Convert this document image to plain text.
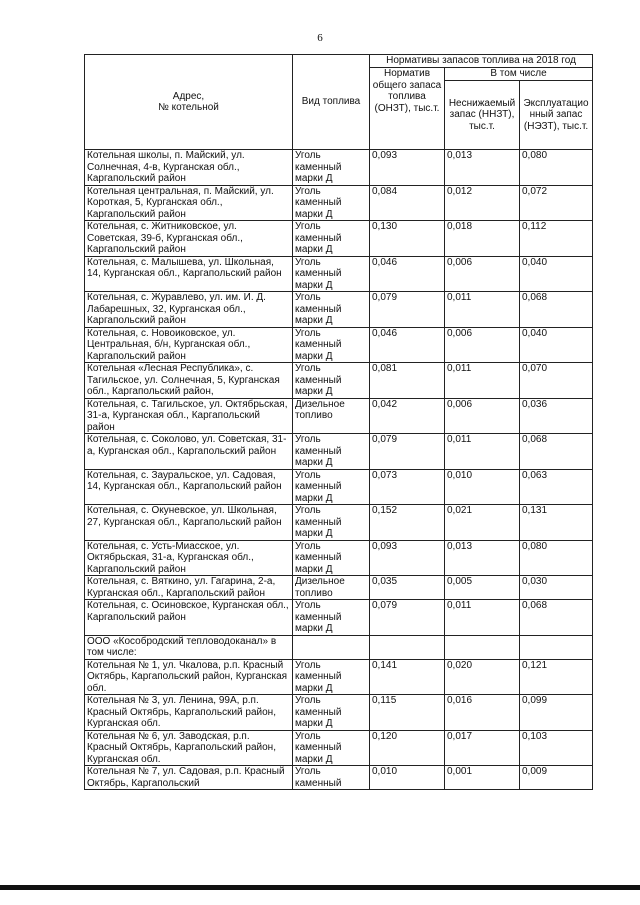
6
Адрес,
№ котельной	Вид топлива	Нормативы запасов топлива на 2018 год		
		Норматив общего запаса топлива (ОНЗТ), тыс.т.	В том числе	
			Неснижаемый запас (ННЗТ), тыс.т.	Эксплуатацио нный запас (НЭЗТ), тыс.т.
Котельная школы, п. Майский, ул. Солнечная, 4-в, Курганская обл., Каргапольский район	Уголь каменный марки Д	0,093	0,013	0,080
Котельная центральная, п. Майский, ул. Короткая, 5, Курганская обл., Каргапольский район	Уголь каменный марки Д	0,084	0,012	0,072
Котельная, с. Житниковское, ул. Советская, 39-б, Курганская обл., Каргапольский район	Уголь каменный марки Д	0,130	0,018	0,112
Котельная, с. Малышева, ул. Школьная, 14, Курганская обл., Каргапольский район	Уголь каменный марки Д	0,046	0,006	0,040
Котельная, с. Журавлево, ул. им. И. Д. Лабарешных, 32, Курганская обл., Каргапольский район	Уголь каменный марки Д	0,079	0,011	0,068
Котельная, с. Новоиковское, ул. Центральная, б/н, Курганская обл., Каргапольский район	Уголь каменный марки Д	0,046	0,006	0,040
Котельная «Лесная Республика», с. Тагильское, ул. Солнечная, 5, Курганская обл., Каргапольский район,	Уголь каменный марки Д	0,081	0,011	0,070
Котельная, с. Тагильское, ул. Октябрьская, 31-а, Курганская обл., Каргапольский район	Дизельное топливо	0,042	0,006	0,036
Котельная, с. Соколово, ул. Советская, 31-а, Курганская обл., Каргапольский район	Уголь каменный марки Д	0,079	0,011	0,068
Котельная, с. Зауральское, ул. Садовая, 14, Курганская обл., Каргапольский район	Уголь каменный марки Д	0,073	0,010	0,063
Котельная, с. Окуневское, ул. Школьная, 27, Курганская обл., Каргапольский район	Уголь каменный марки Д	0,152	0,021	0,131
Котельная, с. Усть-Миасское, ул. Октябрьская, 31-а, Курганская обл., Каргапольский район	Уголь каменный марки Д	0,093	0,013	0,080
Котельная, с. Вяткино, ул. Гагарина, 2-а, Курганская обл., Каргапольский район	Дизельное топливо	0,035	0,005	0,030
Котельная, с. Осиновское, Курганская обл., Каргапольский район	Уголь каменный марки Д	0,079	0,011	0,068
ООО «Кособродский тепловодоканал» в том числе:				
Котельная № 1, ул. Чкалова, р.п. Красный Октябрь, Каргапольский район, Курганская обл.	Уголь каменный марки Д	0,141	0,020	0,121
Котельная № 3, ул. Ленина, 99А, р.п. Красный Октябрь, Каргапольский район, Курганская обл.	Уголь каменный марки Д	0,115	0,016	0,099
Котельная № 6, ул. Заводская, р.п. Красный Октябрь, Каргапольский район, Курганская обл.	Уголь каменный марки Д	0,120	0,017	0,103
Котельная № 7, ул. Садовая, р.п. Красный Октябрь, Каргапольский	Уголь каменный	0,010	0,001	0,009
